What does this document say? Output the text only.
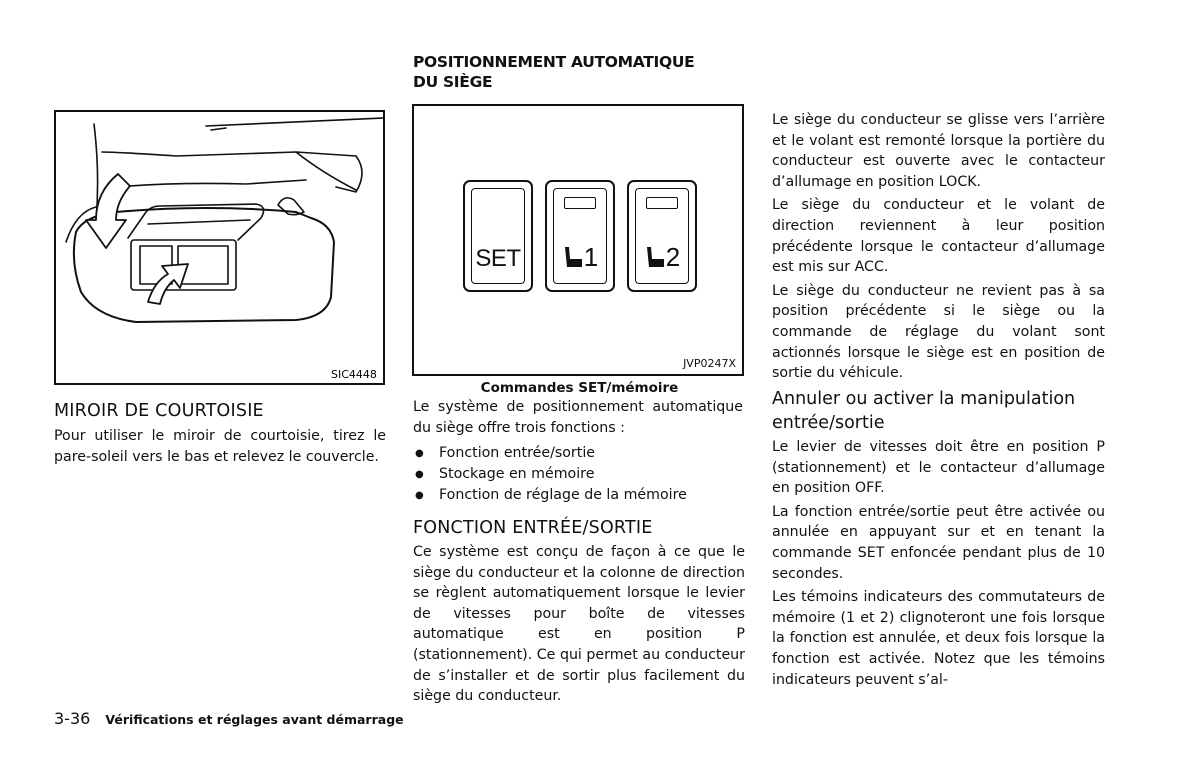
SIC4448
MIROIR DE COURTOISIE

Pour utiliser le miroir de courtoisie, tirez le pare-soleil vers le bas et relevez le couvercle.

POSITIONNEMENT AUTOMATIQUE DU SIÈGE
SET	1	2
JVP0247X
Commandes SET/mémoire

Le système de positionnement automatique du siège offre trois fonctions :

● Fonction entrée/sortie
● Stockage en mémoire
● Fonction de réglage de la mémoire
FONCTION ENTRÉE/SORTIE

Ce système est conçu de façon à ce que le siège du conducteur et la colonne de direction se règlent automatiquement lorsque le levier de vitesses pour boîte de vitesses automatique est en position P (stationnement). Ce qui permet au conducteur de s’installer et de sortir plus facilement du siège du conducteur.

Le siège du conducteur se glisse vers l’arrière et le volant est remonté lorsque la portière du conducteur est ouverte avec le contacteur d’allumage en position LOCK.

Le siège du conducteur et le volant de direction reviennent à leur position précédente lorsque le contacteur d’allumage est mis sur ACC.

Le siège du conducteur ne revient pas à sa position précédente si le siège ou la commande de réglage du volant sont actionnés lorsque le siège est en position de sortie du véhicule.

Annuler ou activer la manipulation entrée/sortie

Le levier de vitesses doit être en position P (stationnement) et le contacteur d’allumage en position OFF.

La fonction entrée/sortie peut être activée ou annulée en appuyant sur et en tenant la commande SET enfoncée pendant plus de 10 secondes.

Les témoins indicateurs des commutateurs de mémoire (1 et 2) clignoteront une fois lorsque la fonction est annulée, et deux fois lorsque la fonction est activée. Notez que les témoins indicateurs peuvent s’al-

3-36 Vérifications et réglages avant démarrage
